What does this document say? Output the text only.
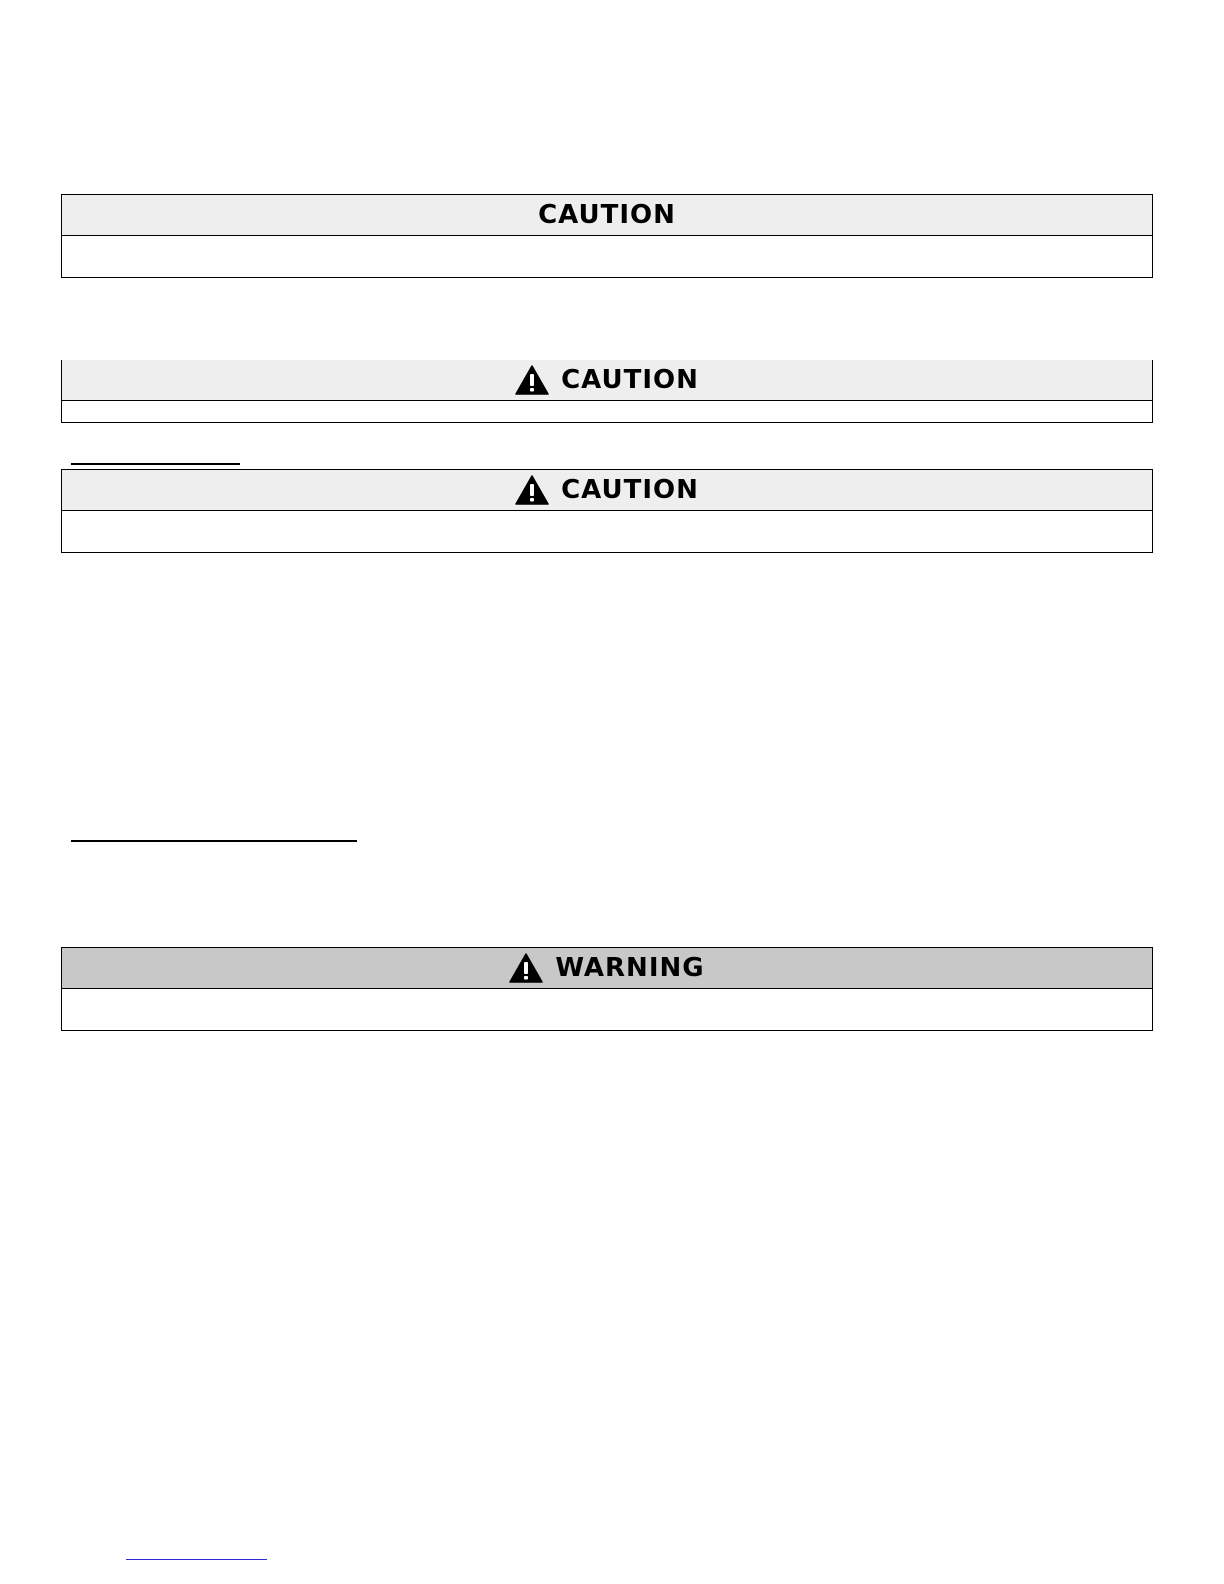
CAUTION
CAUTION
CAUTION
WARNING
